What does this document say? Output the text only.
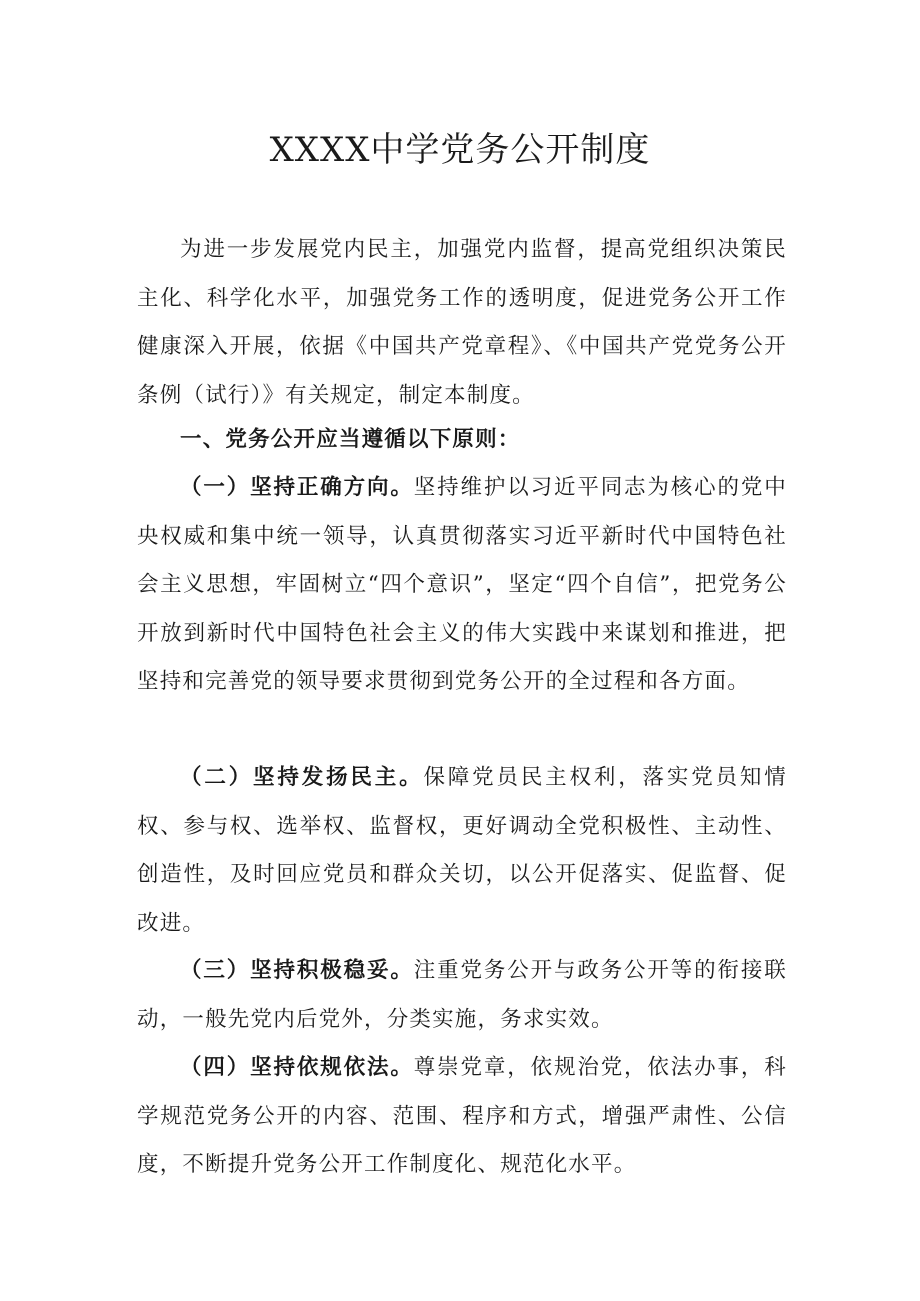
XXXX中学党务公开制度

为进一步发展党内民主，加强党内监督，提高党组织决策民主化、科学化水平，加强党务工作的透明度，促进党务公开工作健康深入开展，依据《中国共产党章程》、《中国共产党党务公开条例（试行）》有关规定，制定本制度。

一、党务公开应当遵循以下原则：

（一）坚持正确方向。坚持维护以习近平同志为核心的党中央权威和集中统一领导，认真贯彻落实习近平新时代中国特色社会主义思想，牢固树立“四个意识”，坚定“四个自信”，把党务公开放到新时代中国特色社会主义的伟大实践中来谋划和推进，把坚持和完善党的领导要求贯彻到党务公开的全过程和各方面。

（二）坚持发扬民主。保障党员民主权利，落实党员知情权、参与权、选举权、监督权，更好调动全党积极性、主动性、创造性，及时回应党员和群众关切，以公开促落实、促监督、促改进。

（三）坚持积极稳妥。注重党务公开与政务公开等的衔接联动，一般先党内后党外，分类实施，务求实效。

（四）坚持依规依法。尊崇党章，依规治党，依法办事，科学规范党务公开的内容、范围、程序和方式，增强严肃性、公信度，不断提升党务公开工作制度化、规范化水平。
